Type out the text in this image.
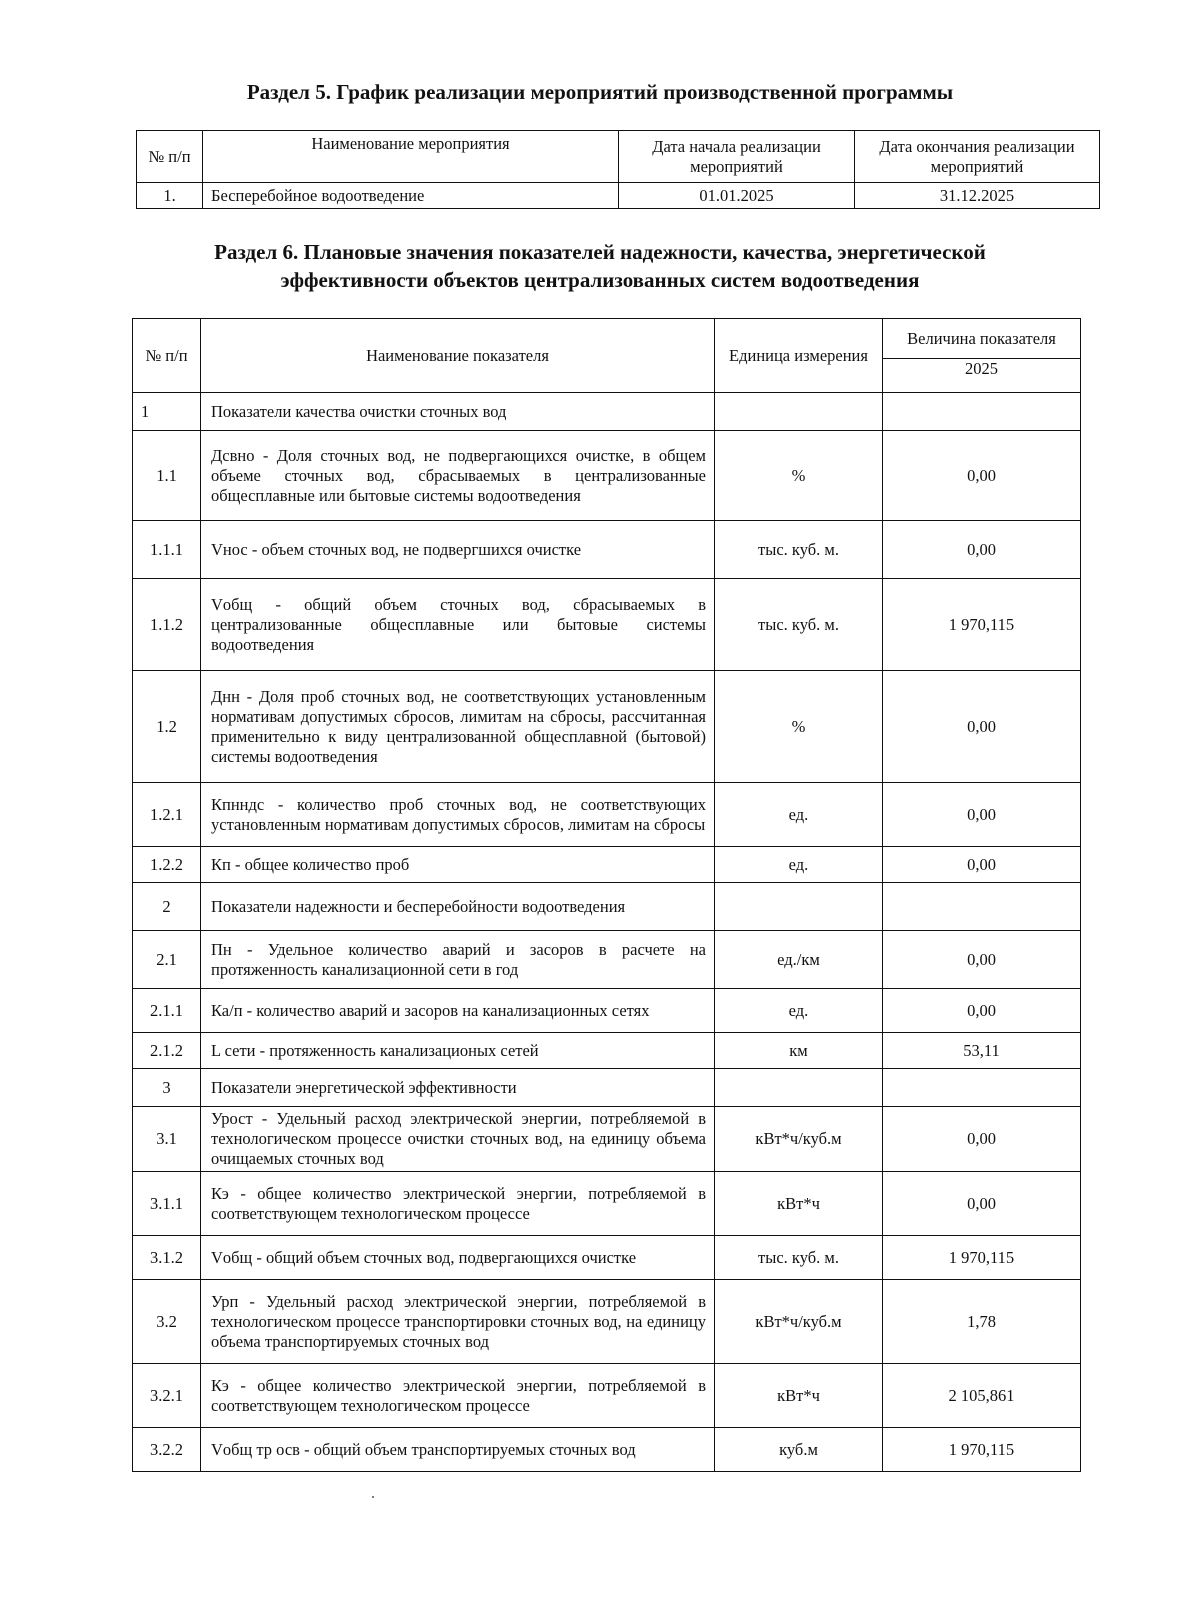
Раздел 5. График реализации мероприятий производственной программы
№ п/п	Наименование мероприятия	Дата начала реализации мероприятий	Дата окончания реализации мероприятий
1.	Бесперебойное водоотведение	01.01.2025	31.12.2025
Раздел 6. Плановые значения показателей надежности, качества, энергетической
эффективности объектов централизованных систем водоотведения
№ п/п	Наименование показателя	Единица измерения	Величина показателя
			2025
1	Показатели качества очистки сточных вод		
1.1	Дсвно - Доля сточных вод, не подвергающихся очистке, в общем объеме сточных вод, сбрасываемых в централизованные общесплавные или бытовые системы водоотведения	%	0,00
1.1.1	Vнос - объем сточных вод, не подвергшихся очистке	тыс. куб. м.	0,00
1.1.2	Vобщ - общий объем сточных вод, сбрасываемых в централизованные общесплавные или бытовые системы водоотведения	тыс. куб. м.	1 970,115
1.2	Днн - Доля проб сточных вод, не соответствующих установленным нормативам допустимых сбросов, лимитам на сбросы, рассчитанная применительно к виду централизованной общесплавной (бытовой) системы водоотведения	%	0,00
1.2.1	Кпнндс - количество проб сточных вод, не соответствующих установленным нормативам допустимых сбросов, лимитам на сбросы	ед.	0,00
1.2.2	Кп - общее количество проб	ед.	0,00
2	Показатели надежности и бесперебойности водоотведения		
2.1	Пн - Удельное количество аварий и засоров в расчете на протяженность канализационной сети в год	ед./км	0,00
2.1.1	Ка/п - количество аварий и засоров на канализационных сетях	ед.	0,00
2.1.2	L сети - протяженность канализационых сетей	км	53,11
3	Показатели энергетической эффективности		
3.1	Урост - Удельный расход электрической энергии, потребляемой в технологическом процессе очистки сточных вод, на единицу объема очищаемых сточных вод	кВт*ч/куб.м	0,00
3.1.1	Кэ - общее количество электрической энергии, потребляемой в соответствующем технологическом процессе	кВт*ч	0,00
3.1.2	Vобщ - общий объем сточных вод, подвергающихся очистке	тыс. куб. м.	1 970,115
3.2	Урп - Удельный расход электрической энергии, потребляемой в технологическом процессе транспортировки сточных вод, на единицу объема транспортируемых сточных вод	кВт*ч/куб.м	1,78
3.2.1	Кэ - общее количество электрической энергии, потребляемой в соответствующем технологическом процессе	кВт*ч	2 105,861
3.2.2	Vобщ тр осв - общий объем транспортируемых сточных вод	куб.м	1 970,115
